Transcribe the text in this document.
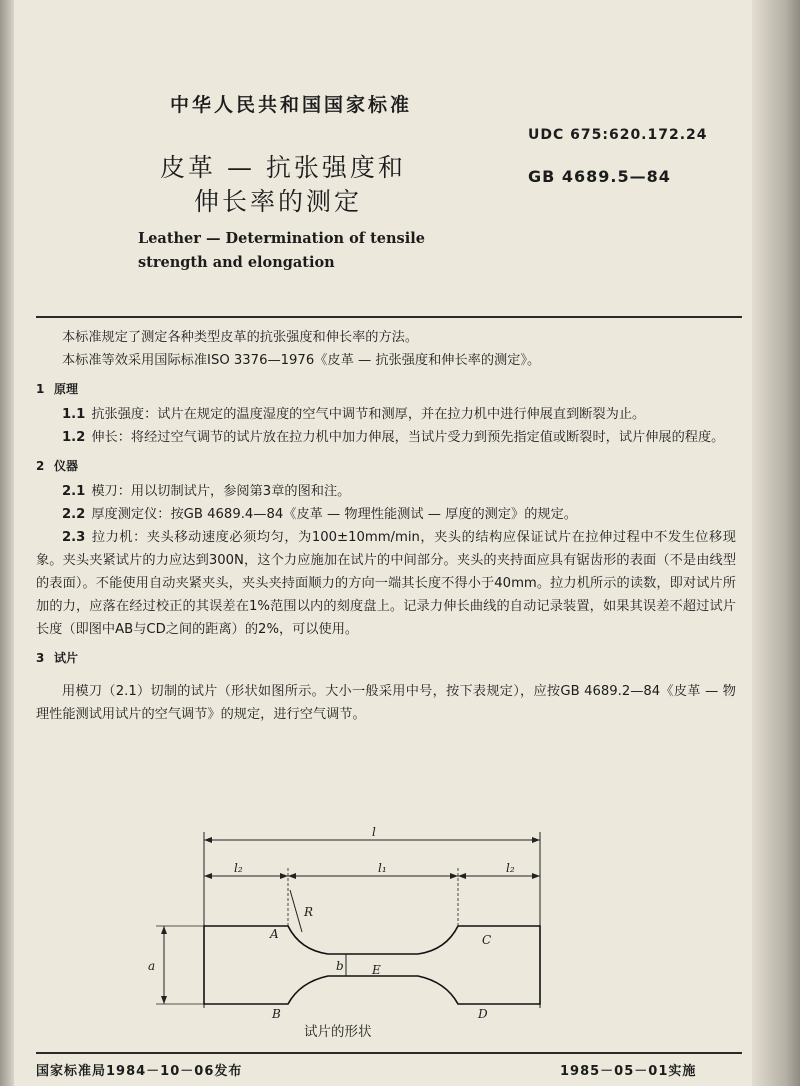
中华人民共和国国家标准
UDC 675:620.172.24
GB 4689.5—84
皮革 — 抗张强度和
伸长率的测定
Leather — Determination of tensile
strength and elongation

本标准规定了测定各种类型皮革的抗张强度和伸长率的方法。

本标准等效采用国际标准ISO 3376—1976《皮革 — 抗张强度和伸长率的测定》。

1 原理

1.1 抗张强度：试片在规定的温度湿度的空气中调节和测厚，并在拉力机中进行伸展直到断裂为止。

1.2 伸长：将经过空气调节的试片放在拉力机中加力伸展，当试片受力到预先指定值或断裂时，试片伸展的程度。

2 仪器

2.1 模刀：用以切制试片，参阅第3章的图和注。

2.2 厚度测定仪：按GB 4689.4—84《皮革 — 物理性能测试 — 厚度的测定》的规定。

2.3 拉力机：夹头移动速度必须均匀，为100±10mm/min，夹头的结构应保证试片在拉伸过程中不发生位移现象。夹头夹紧试片的力应达到300N，这个力应施加在试片的中间部分。夹头的夹持面应具有锯齿形的表面（不是由线型的表面）。不能使用自动夹紧夹头，夹头夹持面顺力的方向一端其长度不得小于40mm。拉力机所示的读数，即对试片所加的力，应落在经过校正的其误差在1%范围以内的刻度盘上。记录力伸长曲线的自动记录装置，如果其误差不超过试片长度（即图中AB与CD之间的距离）的2%，可以使用。

3 试片

用模刀（2.1）切制的试片（形状如图所示。大小一般采用中号，按下表规定），应按GB 4689.2—84《皮革 — 物理性能测试用试片的空气调节》的规定，进行空气调节。

l
l₂	l₁	l₂
R
A	C
E
B	D
b
a
试片的形状
国家标准局1984－10－06发布	1985－05－01实施
